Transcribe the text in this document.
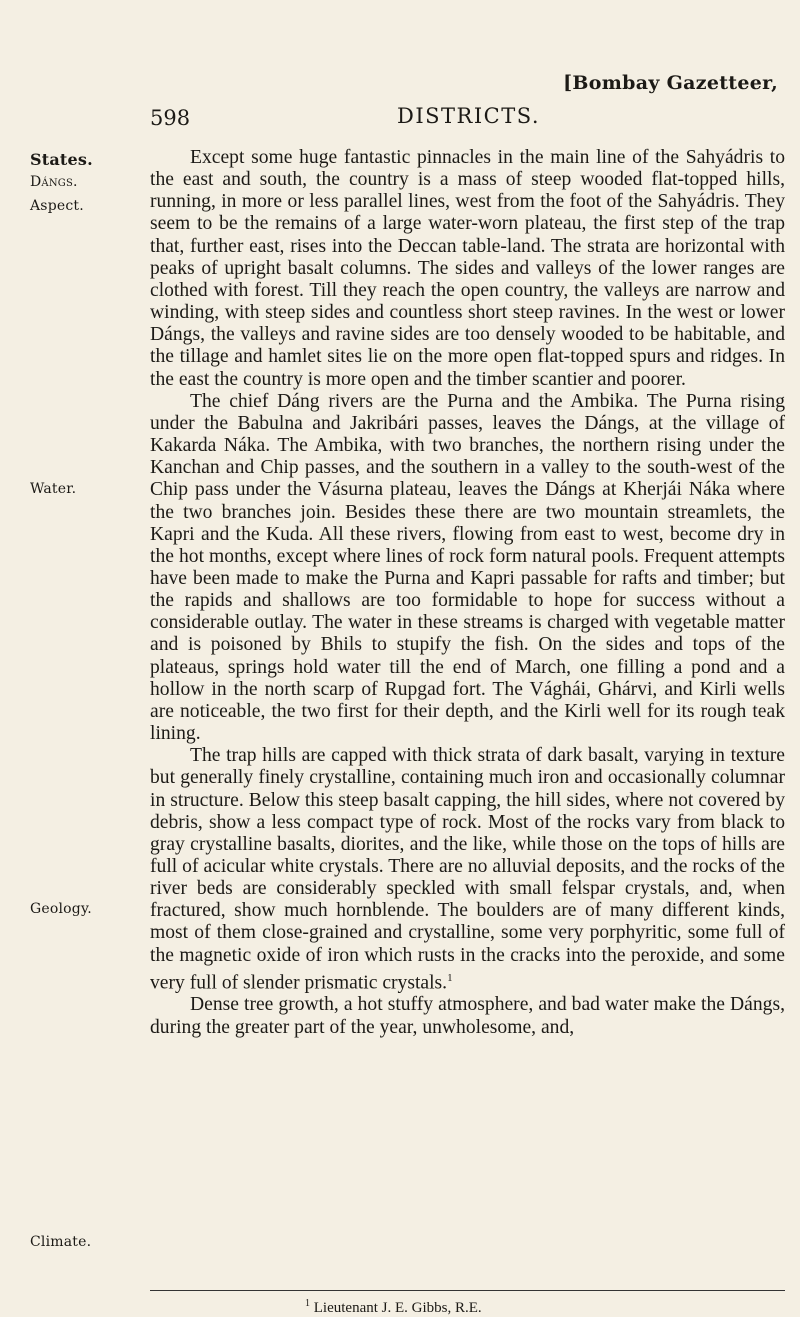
[Bombay Gazetteer,
598	DISTRICTS.
States.
Dángs.
Aspect.
Water.
Geology.
Climate.

Except some huge fantastic pinnacles in the main line of the Sahyádris to the east and south, the country is a mass of steep wooded flat-topped hills, running, in more or less parallel lines, west from the foot of the Sahyádris. They seem to be the remains of a large water-worn plateau, the first step of the trap that, further east, rises into the Deccan table-land. The strata are horizontal with peaks of upright basalt columns. The sides and valleys of the lower ranges are clothed with forest. Till they reach the open country, the valleys are narrow and winding, with steep sides and countless short steep ravines. In the west or lower Dángs, the valleys and ravine sides are too densely wooded to be habitable, and the tillage and hamlet sites lie on the more open flat-topped spurs and ridges. In the east the country is more open and the timber scantier and poorer.

The chief Dáng rivers are the Purna and the Ambika. The Purna rising under the Babulna and Jakribári passes, leaves the Dángs, at the village of Kakarda Náka. The Ambika, with two branches, the northern rising under the Kanchan and Chip passes, and the southern in a valley to the south-west of the Chip pass under the Vásurna plateau, leaves the Dángs at Kherjái Náka where the two branches join. Besides these there are two mountain streamlets, the Kapri and the Kuda. All these rivers, flowing from east to west, become dry in the hot months, except where lines of rock form natural pools. Frequent attempts have been made to make the Purna and Kapri passable for rafts and timber; but the rapids and shallows are too formidable to hope for success without a considerable outlay. The water in these streams is charged with vegetable matter and is poisoned by Bhils to stupify the fish. On the sides and tops of the plateaus, springs hold water till the end of March, one filling a pond and a hollow in the north scarp of Rupgad fort. The Vághái, Ghárvi, and Kirli wells are noticeable, the two first for their depth, and the Kirli well for its rough teak lining.

The trap hills are capped with thick strata of dark basalt, varying in texture but generally finely crystalline, containing much iron and occasionally columnar in structure. Below this steep basalt capping, the hill sides, where not covered by debris, show a less compact type of rock. Most of the rocks vary from black to gray crystalline basalts, diorites, and the like, while those on the tops of hills are full of acicular white crystals. There are no alluvial deposits, and the rocks of the river beds are considerably speckled with small felspar crystals, and, when fractured, show much hornblende. The boulders are of many different kinds, most of them close-grained and crystalline, some very porphyritic, some full of the magnetic oxide of iron which rusts in the cracks into the peroxide, and some very full of slender prismatic crystals.$^1$

Dense tree growth, a hot stuffy atmosphere, and bad water make the Dángs, during the greater part of the year, unwholesome, and,

$^1$ Lieutenant J. E. Gibbs, R.E.
